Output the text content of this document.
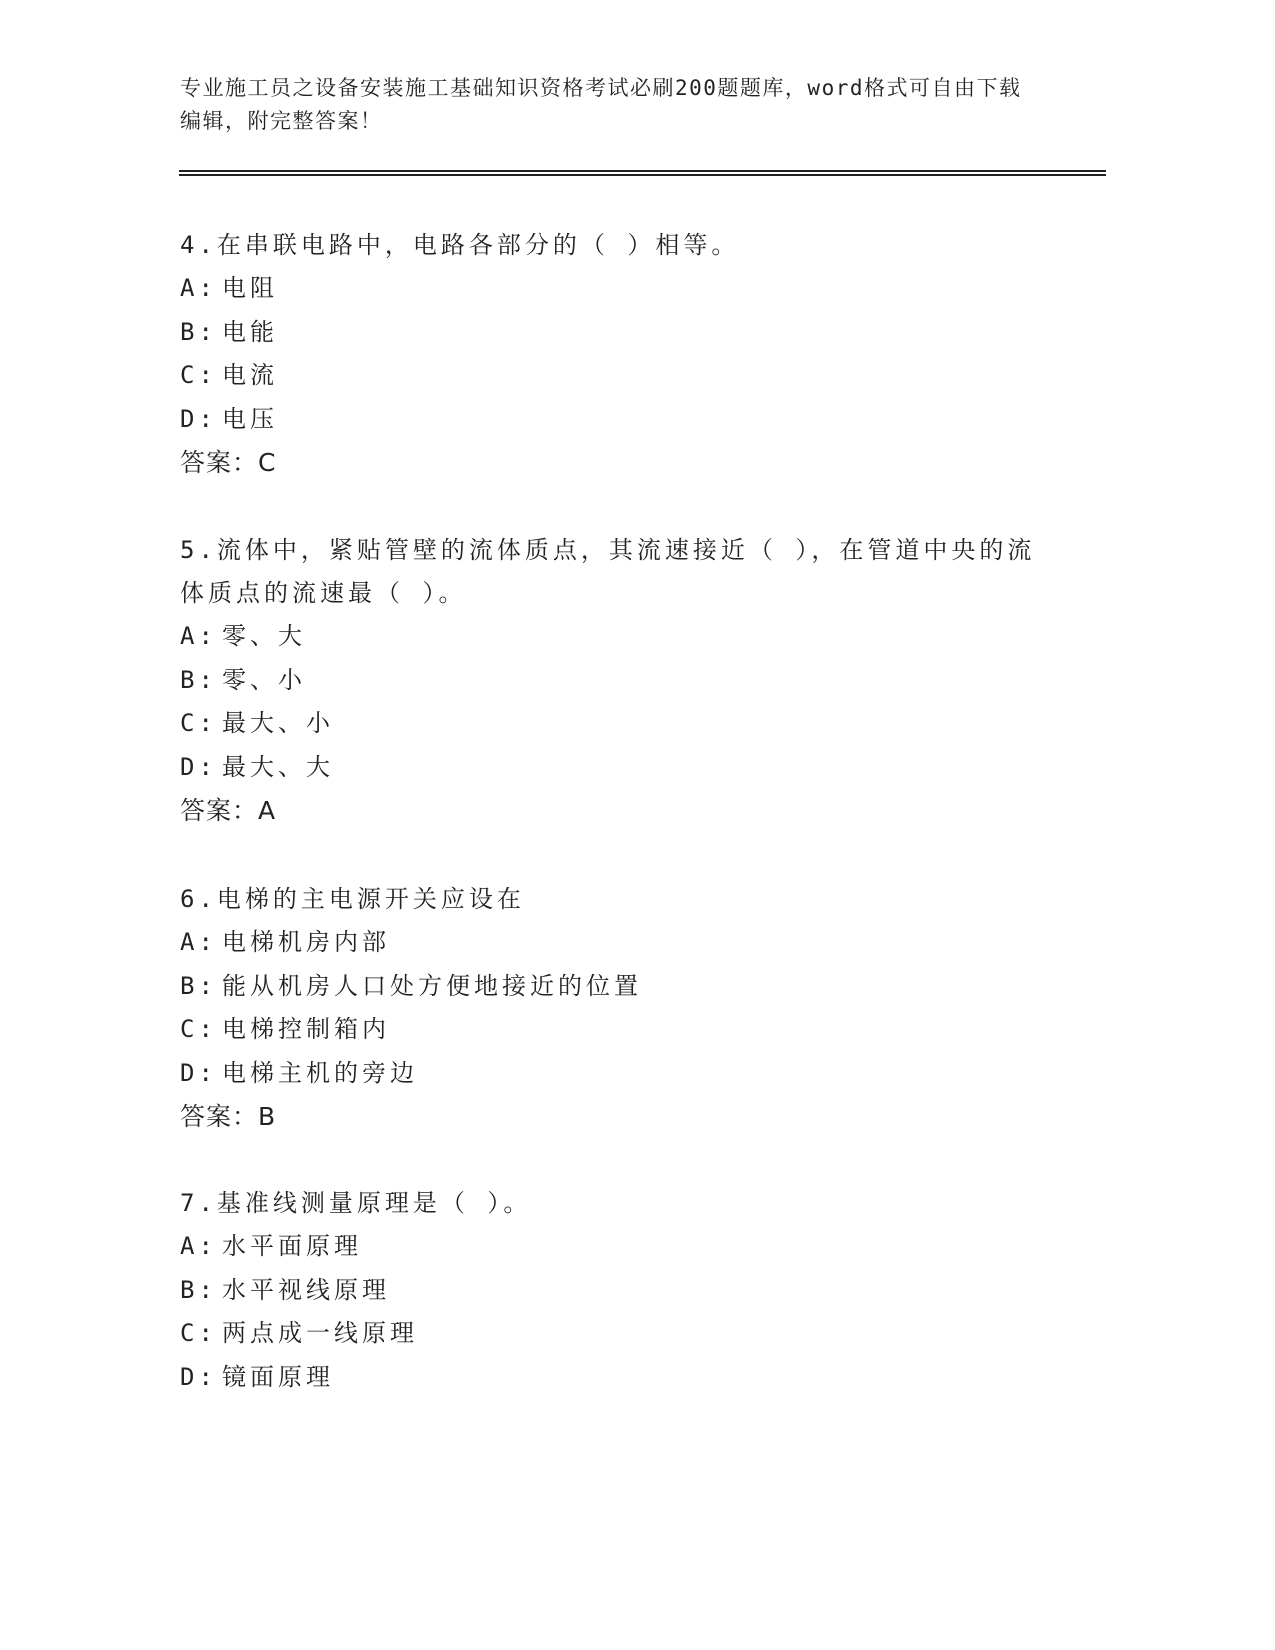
专业施工员之设备安装施工基础知识资格考试必刷200题题库，word格式可自由下载编辑，附完整答案！

4.在串联电路中，电路各部分的（ ）相等。

A: 电阻
B: 电能
C: 电流
D: 电压
答案：C

5.流体中，紧贴管壁的流体质点，其流速接近（ ），在管道中央的流体质点的流速最（ ）。

A: 零、大
B: 零、小
C: 最大、小
D: 最大、大
答案：A

6.电梯的主电源开关应设在

A: 电梯机房内部
B: 能从机房人口处方便地接近的位置
C: 电梯控制箱内
D: 电梯主机的旁边
答案：B

7.基准线测量原理是（ ）。

A: 水平面原理
B: 水平视线原理
C: 两点成一线原理
D: 镜面原理
